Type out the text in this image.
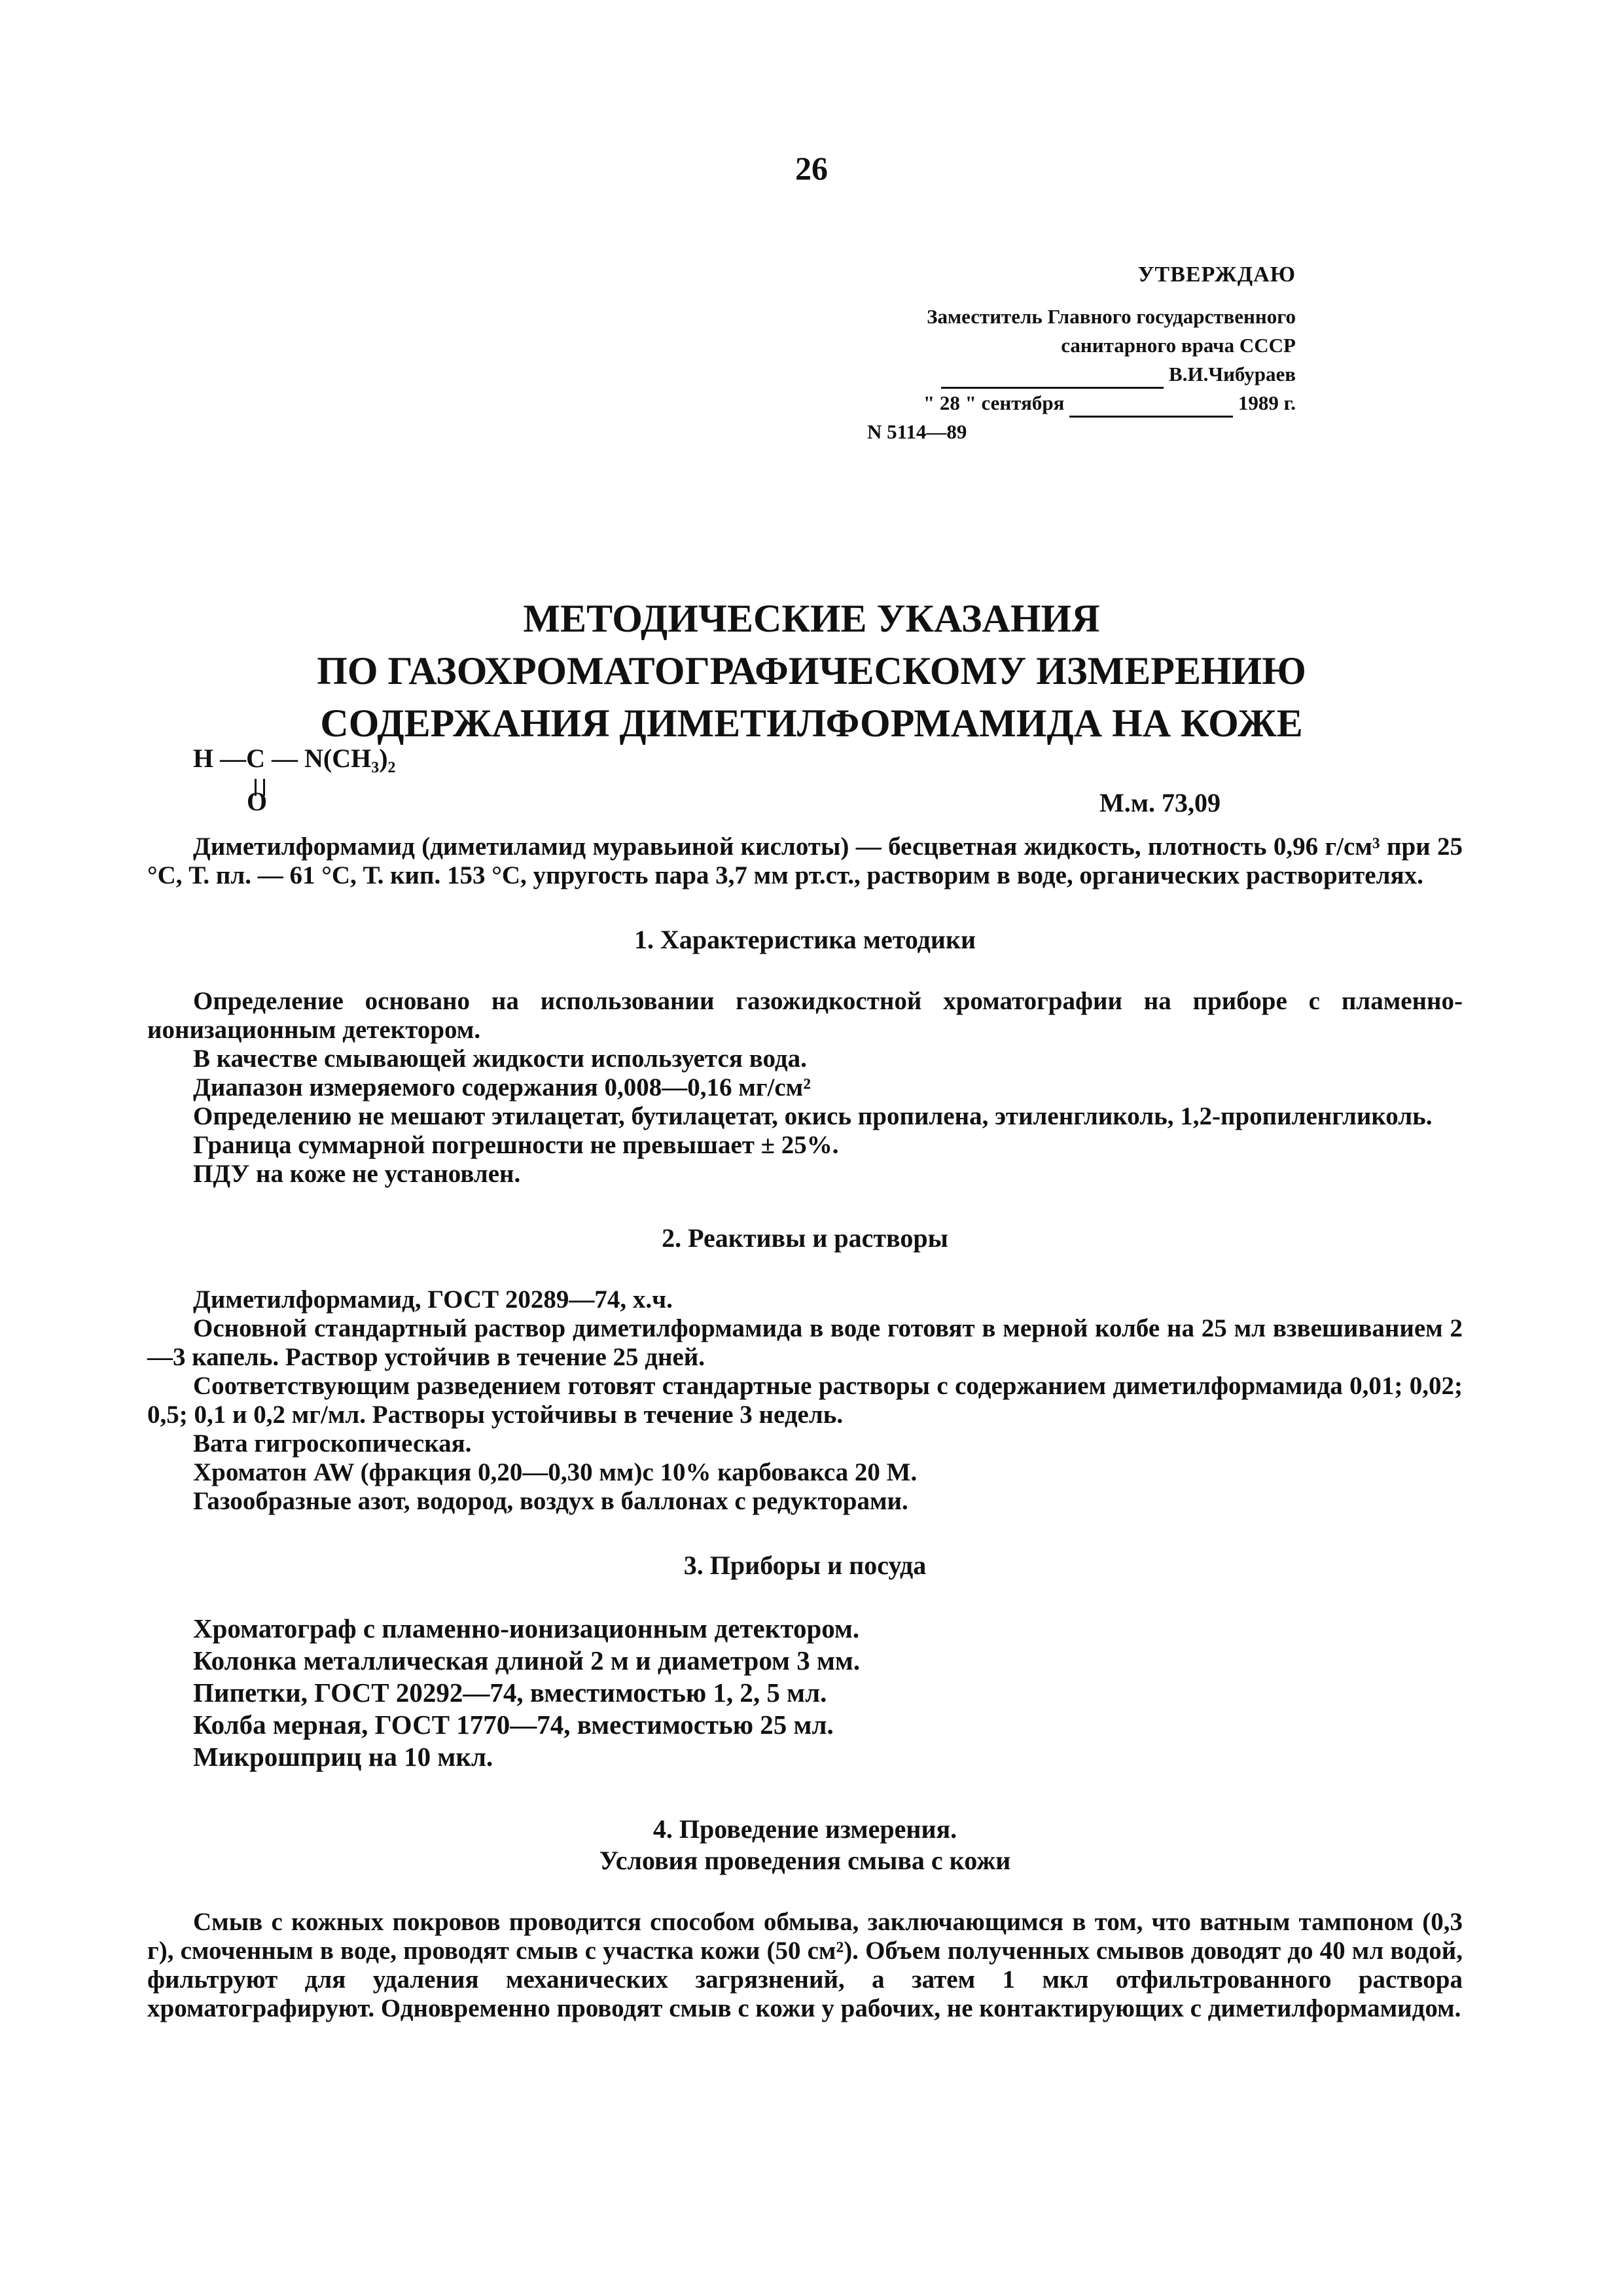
26
УТВЕРЖДАЮ
Заместитель Главного государственного
санитарного врача СССР
В.И.Чибураев
" 28 " сентября	1989 г.
N 5114—89
МЕТОДИЧЕСКИЕ УКАЗАНИЯ
ПО ГАЗОХРОМАТОГРАФИЧЕСКОМУ ИЗМЕРЕНИЮ
СОДЕРЖАНИЯ ДИМЕТИЛФОРМАМИДА НА КОЖЕ
H —C — N(CH₃)₂
O	М.м. 73,09

Диметилформамид (диметиламид муравьиной кислоты) — бесцветная жидкость, плотность 0,96 г/см³ при 25 °С, Т. пл. — 61 °С, Т. кип. 153 °С, упругость пара 3,7 мм рт.ст., растворим в воде, органических растворителях.

1. Характеристика методики

Определение основано на использовании газожидкостной хроматографии на приборе с пламенно-ионизационным детектором.

В качестве смывающей жидкости используется вода.

Диапазон измеряемого содержания 0,008—0,16 мг/см²

Определению не мешают этилацетат, бутилацетат, окись пропилена, этиленгликоль, 1,2-пропиленгликоль.

Граница суммарной погрешности не превышает ± 25%.

ПДУ на коже не установлен.

2. Реактивы и растворы

Диметилформамид, ГОСТ 20289—74, х.ч.

Основной стандартный раствор диметилформамида в воде готовят в мерной колбе на 25 мл взвешиванием 2—3 капель. Раствор устойчив в течение 25 дней.

Соответствующим разведением готовят стандартные растворы с содержанием диметилформамида 0,01; 0,02; 0,5; 0,1 и 0,2 мг/мл. Растворы устойчивы в течение 3 недель.

Вата гигроскопическая.

Хроматон AW (фракция 0,20—0,30 мм)с 10% карбовакса 20 М.

Газообразные азот, водород, воздух в баллонах с редукторами.

3. Приборы и посуда

Хроматограф с пламенно-ионизационным детектором.

Колонка металлическая длиной 2 м и диаметром 3 мм.

Пипетки, ГОСТ 20292—74, вместимостью 1, 2, 5 мл.

Колба мерная, ГОСТ 1770—74, вместимостью 25 мл.

Микрошприц на 10 мкл.

4. Проведение измерения.
Условия проведения смыва с кожи

Смыв с кожных покровов проводится способом обмыва, заключающимся в том, что ватным тампоном (0,3 г), смоченным в воде, проводят смыв с участка кожи (50 см²). Объем полученных смывов доводят до 40 мл водой, фильтруют для удаления механических загрязнений, а затем 1 мкл отфильтрованного раствора хроматографируют. Одновременно проводят смыв с кожи у рабочих, не контактирующих с диметилформамидом.
